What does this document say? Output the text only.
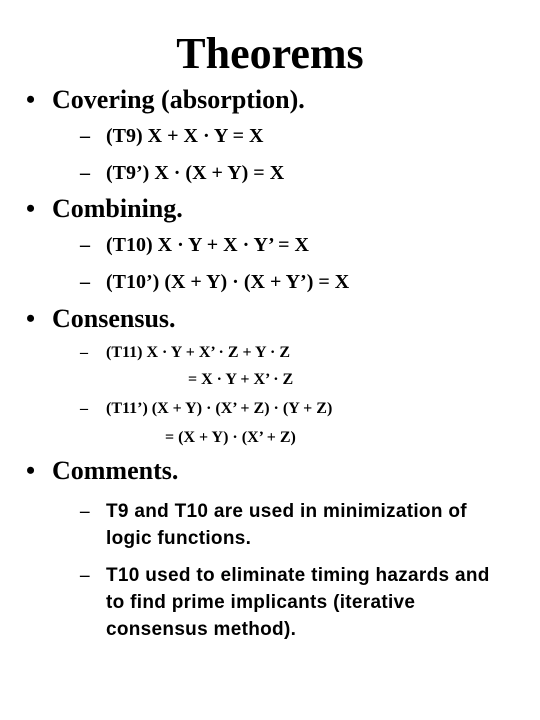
Theorems
• Covering (absorption).
– (T9) X + X · Y = X
– (T9’) X · (X + Y) = X
• Combining.
– (T10) X · Y + X · Y’ = X
– (T10’) (X + Y) · (X + Y’) = X
• Consensus.
– (T11) X · Y + X’ · Z + Y · Z
= X · Y + X’ · Z
– (T11’) (X + Y) · (X’ + Z) · (Y + Z)
= (X + Y) · (X’ + Z)
• Comments.
– T9 and T10 are used in minimization of logic functions.
– T10 used to eliminate timing hazards and to find prime implicants (iterative consensus method).
